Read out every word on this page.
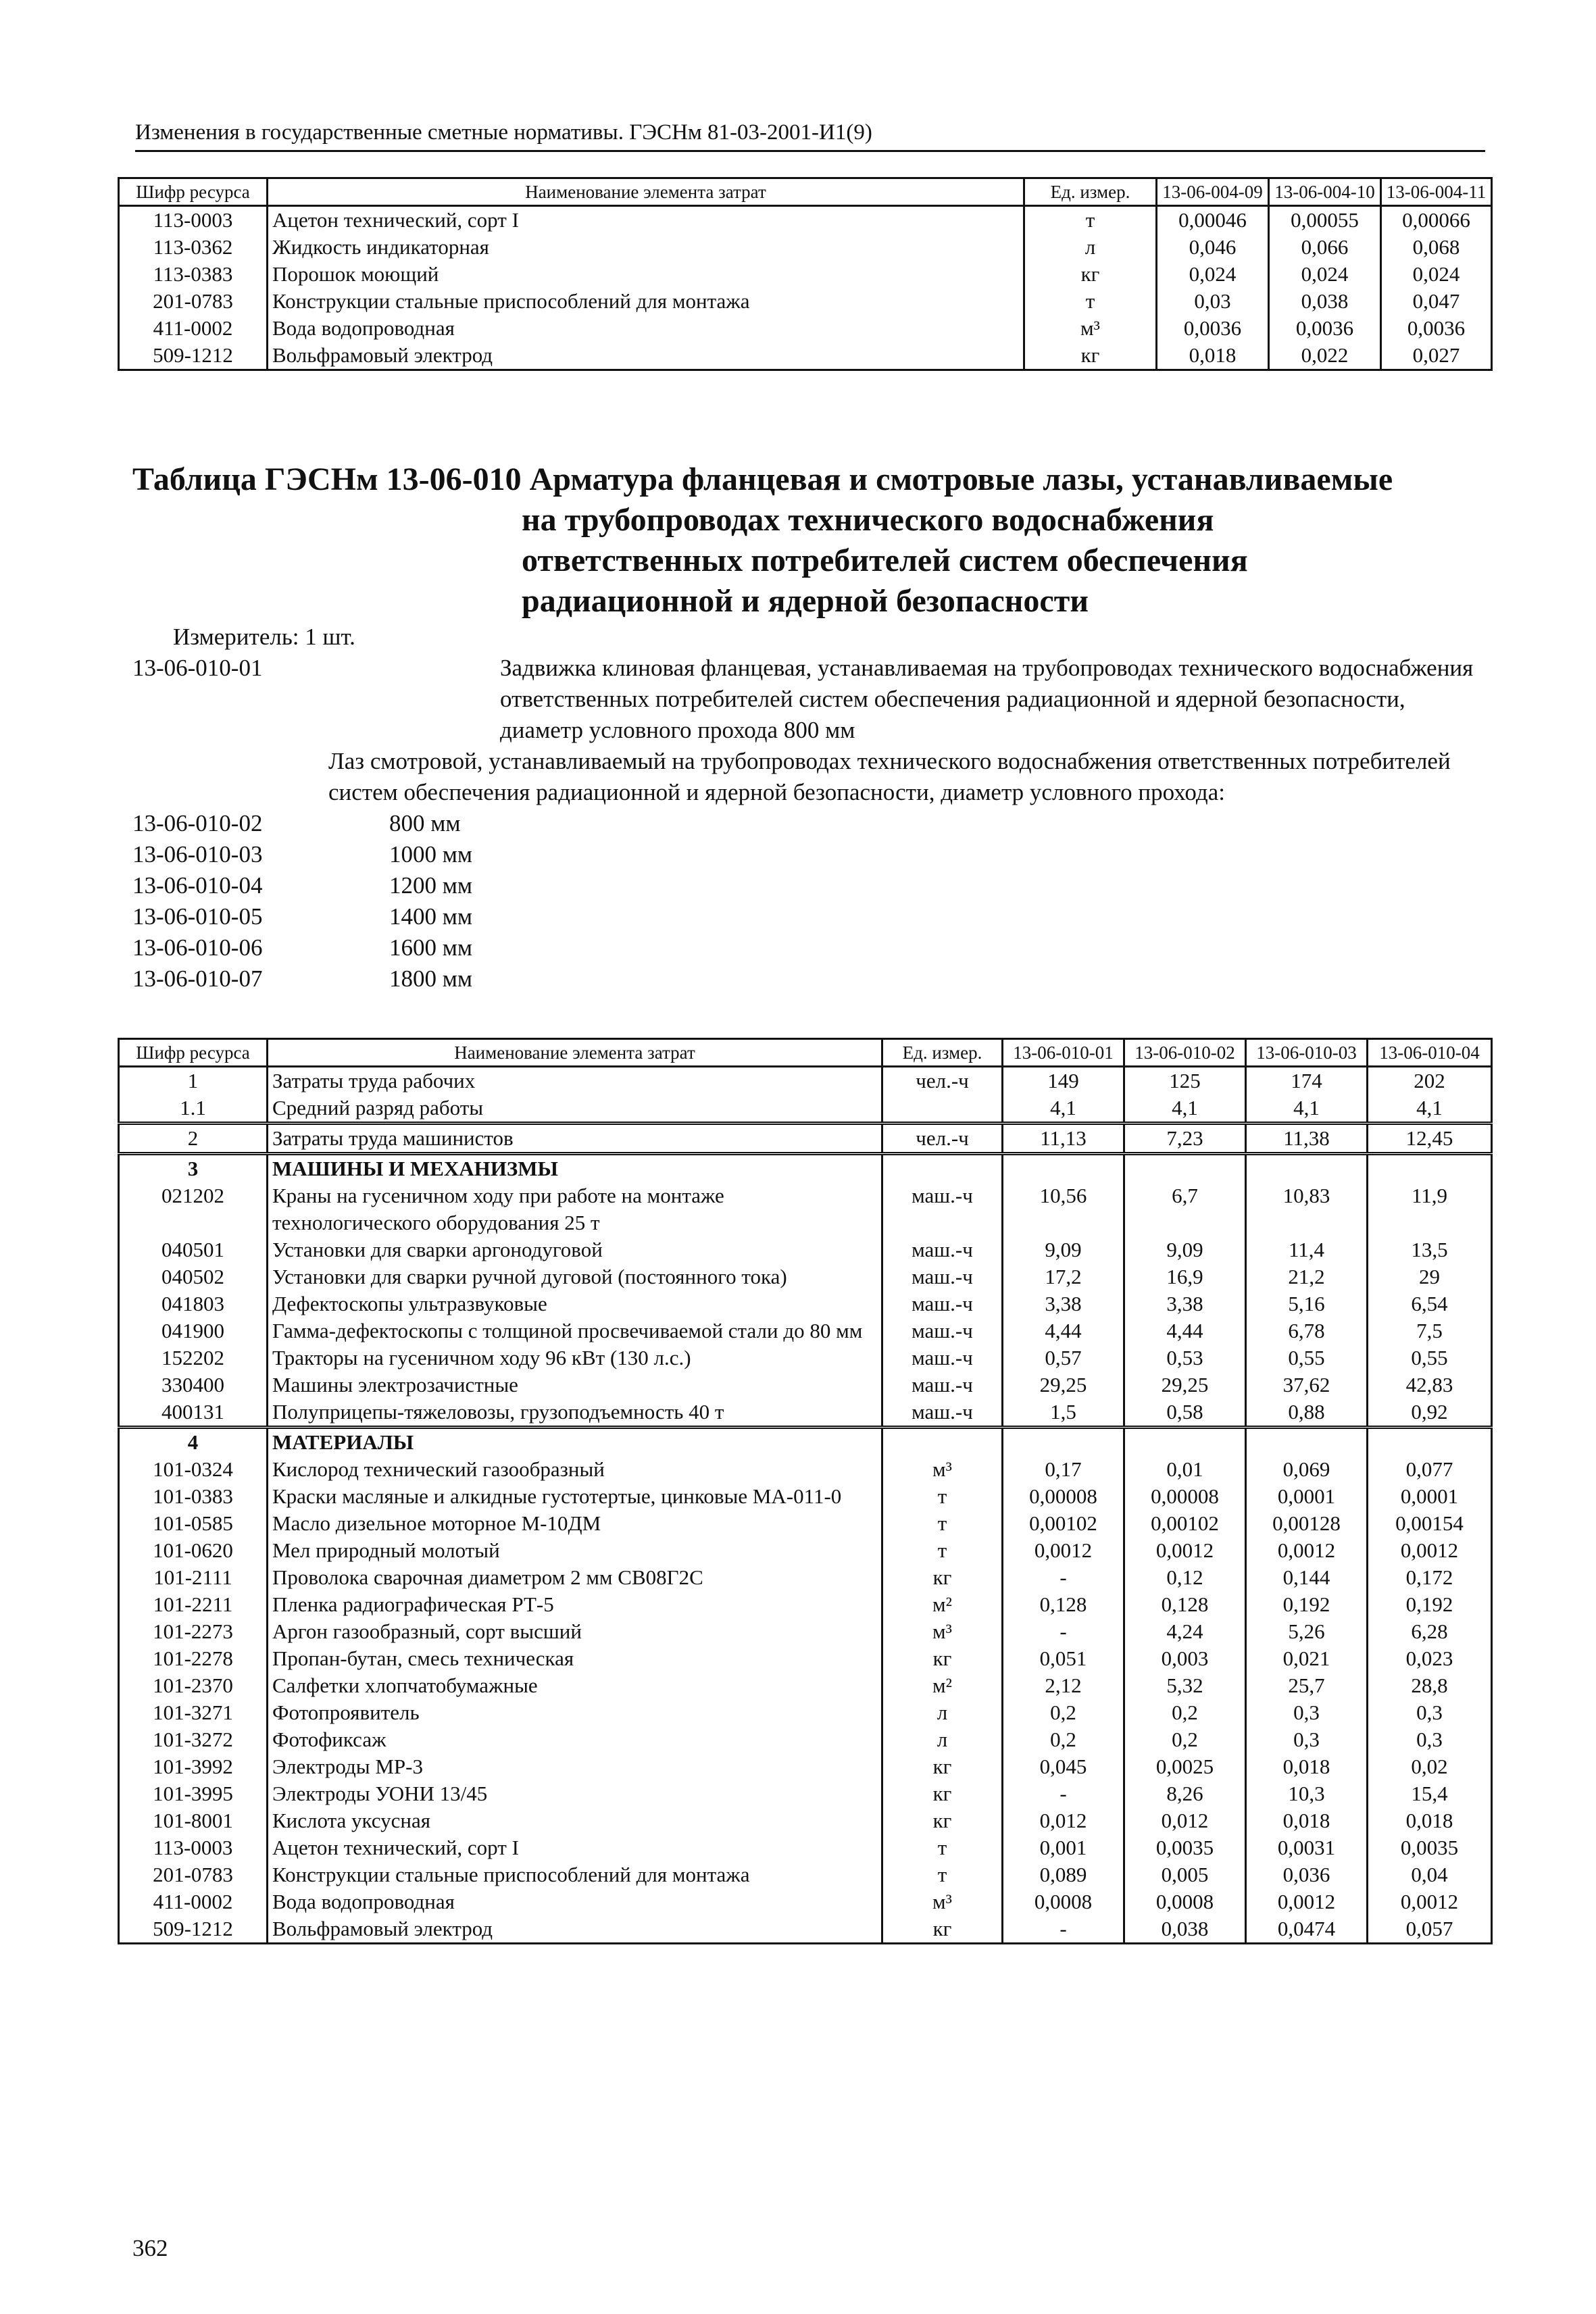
Изменения в государственные сметные нормативы. ГЭСНм 81-03-2001-И1(9)
Шифр ресурса	Наименование элемента затрат	Ед. измер.	13-06-004-09	13-06-004-10	13-06-004-11
113-0003	Ацетон технический, сорт I	т	0,00046	0,00055	0,00066
113-0362	Жидкость индикаторная	л	0,046	0,066	0,068
113-0383	Порошок моющий	кг	0,024	0,024	0,024
201-0783	Конструкции стальные приспособлений для монтажа	т	0,03	0,038	0,047
411-0002	Вода водопроводная	м³	0,0036	0,0036	0,0036
509-1212	Вольфрамовый электрод	кг	0,018	0,022	0,027
Таблица ГЭСНм 13-06-010 Арматура фланцевая и смотровые лазы, устанавливаемые
на трубопроводах технического водоснабжения
ответственных потребителей систем обеспечения
радиационной и ядерной безопасности
Измеритель: 1 шт.
13-06-010-01	Задвижка клиновая фланцевая, устанавливаемая на трубопроводах технического водоснабжения ответственных потребителей систем обеспечения радиационной и ядерной безопасности, диаметр условного прохода 800 мм
Лаз смотровой, устанавливаемый на трубопроводах технического водоснабжения ответственных потребителей систем обеспечения радиационной и ядерной безопасности, диаметр условного прохода:
13-06-010-02	800 мм
13-06-010-03	1000 мм
13-06-010-04	1200 мм
13-06-010-05	1400 мм
13-06-010-06	1600 мм
13-06-010-07	1800 мм
Шифр ресурса	Наименование элемента затрат	Ед. измер.	13-06-010-01	13-06-010-02	13-06-010-03	13-06-010-04
1	Затраты труда рабочих	чел.-ч	149	125	174	202
1.1	Средний разряд работы		4,1	4,1	4,1	4,1
2	Затраты труда машинистов	чел.-ч	11,13	7,23	11,38	12,45
3	МАШИНЫ И МЕХАНИЗМЫ					
021202	Краны на гусеничном ходу при работе на монтаже технологического оборудования 25 т	маш.-ч	10,56	6,7	10,83	11,9
040501	Установки для сварки аргонодуговой	маш.-ч	9,09	9,09	11,4	13,5
040502	Установки для сварки ручной дуговой (постоянного тока)	маш.-ч	17,2	16,9	21,2	29
041803	Дефектоскопы ультразвуковые	маш.-ч	3,38	3,38	5,16	6,54
041900	Гамма-дефектоскопы с толщиной просвечиваемой стали до 80 мм	маш.-ч	4,44	4,44	6,78	7,5
152202	Тракторы на гусеничном ходу 96 кВт (130 л.с.)	маш.-ч	0,57	0,53	0,55	0,55
330400	Машины электрозачистные	маш.-ч	29,25	29,25	37,62	42,83
400131	Полуприцепы-тяжеловозы, грузоподъемность 40 т	маш.-ч	1,5	0,58	0,88	0,92
4	МАТЕРИАЛЫ					
101-0324	Кислород технический газообразный	м³	0,17	0,01	0,069	0,077
101-0383	Краски масляные и алкидные густотертые, цинковые МА-011-0	т	0,00008	0,00008	0,0001	0,0001
101-0585	Масло дизельное моторное М-10ДМ	т	0,00102	0,00102	0,00128	0,00154
101-0620	Мел природный молотый	т	0,0012	0,0012	0,0012	0,0012
101-2111	Проволока сварочная диаметром 2 мм СВ08Г2С	кг	-	0,12	0,144	0,172
101-2211	Пленка радиографическая РТ-5	м²	0,128	0,128	0,192	0,192
101-2273	Аргон газообразный, сорт высший	м³	-	4,24	5,26	6,28
101-2278	Пропан-бутан, смесь техническая	кг	0,051	0,003	0,021	0,023
101-2370	Салфетки хлопчатобумажные	м²	2,12	5,32	25,7	28,8
101-3271	Фотопроявитель	л	0,2	0,2	0,3	0,3
101-3272	Фотофиксаж	л	0,2	0,2	0,3	0,3
101-3992	Электроды МР-3	кг	0,045	0,0025	0,018	0,02
101-3995	Электроды УОНИ 13/45	кг	-	8,26	10,3	15,4
101-8001	Кислота уксусная	кг	0,012	0,012	0,018	0,018
113-0003	Ацетон технический, сорт I	т	0,001	0,0035	0,0031	0,0035
201-0783	Конструкции стальные приспособлений для монтажа	т	0,089	0,005	0,036	0,04
411-0002	Вода водопроводная	м³	0,0008	0,0008	0,0012	0,0012
509-1212	Вольфрамовый электрод	кг	-	0,038	0,0474	0,057
362
